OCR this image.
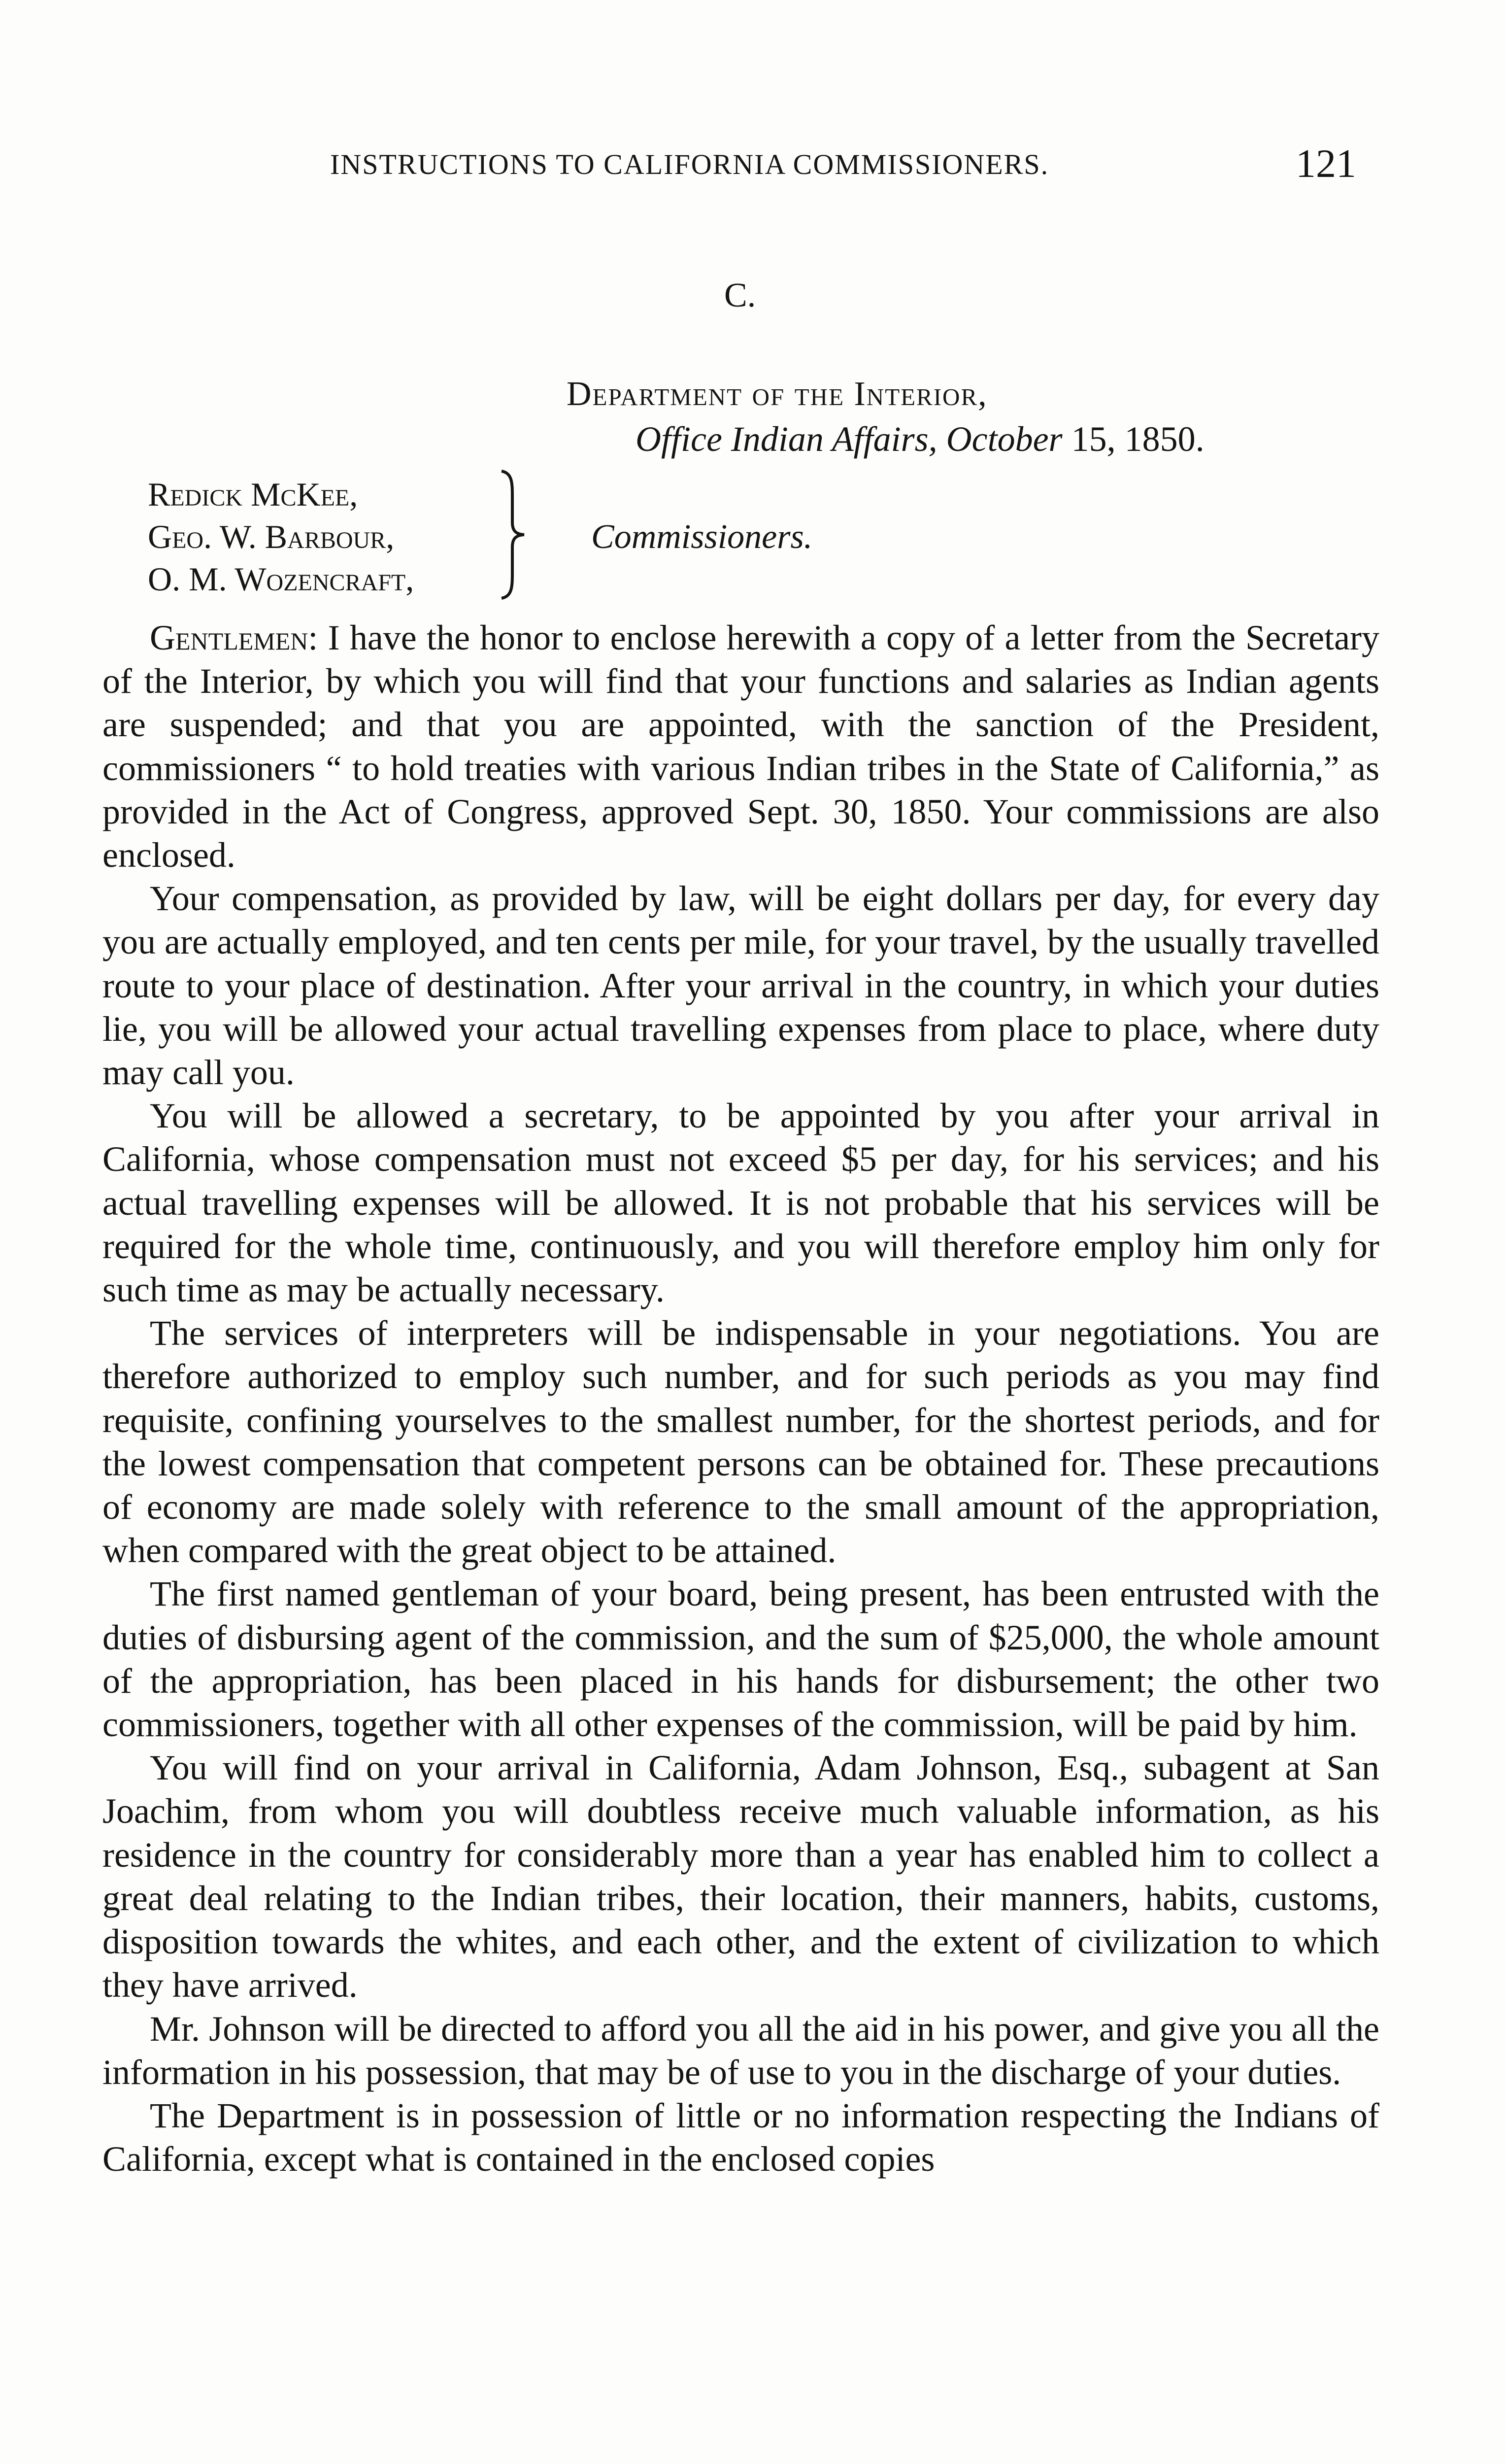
INSTRUCTIONS TO CALIFORNIA COMMISSIONERS.	121
C.
Department of the Interior,
Office Indian Affairs, October 15, 1850.
Redick McKee,
Geo. W. Barbour,
O. M. Wozencraft,
Commissioners.

Gentlemen: I have the honor to enclose herewith a copy of a letter from the Secretary of the Interior, by which you will find that your functions and salaries as Indian agents are suspended; and that you are appointed, with the sanction of the President, commissioners “ to hold treaties with various Indian tribes in the State of California,” as provided in the Act of Congress, approved Sept. 30, 1850. Your commissions are also enclosed.

Your compensation, as provided by law, will be eight dollars per day, for every day you are actually employed, and ten cents per mile, for your travel, by the usually travelled route to your place of destination. After your arrival in the country, in which your duties lie, you will be allowed your actual travelling expenses from place to place, where duty may call you.

You will be allowed a secretary, to be appointed by you after your arrival in California, whose compensation must not exceed $5 per day, for his services; and his actual travelling expenses will be allowed. It is not probable that his services will be required for the whole time, continuously, and you will therefore employ him only for such time as may be actually necessary.

The services of interpreters will be indispensable in your negotiations. You are therefore authorized to employ such number, and for such periods as you may find requisite, confining yourselves to the smallest number, for the shortest periods, and for the lowest compensation that competent persons can be obtained for. These precautions of economy are made solely with reference to the small amount of the appropriation, when compared with the great object to be attained.

The first named gentleman of your board, being present, has been entrusted with the duties of disbursing agent of the commission, and the sum of $25,000, the whole amount of the appropriation, has been placed in his hands for disbursement; the other two commissioners, together with all other expenses of the commission, will be paid by him.

You will find on your arrival in California, Adam Johnson, Esq., subagent at San Joachim, from whom you will doubtless receive much valuable information, as his residence in the country for considerably more than a year has enabled him to collect a great deal relating to the Indian tribes, their location, their manners, habits, customs, disposition towards the whites, and each other, and the extent of civilization to which they have arrived.

Mr. Johnson will be directed to afford you all the aid in his power, and give you all the information in his possession, that may be of use to you in the discharge of your duties.

The Department is in possession of little or no information respecting the Indians of California, except what is contained in the enclosed copies
